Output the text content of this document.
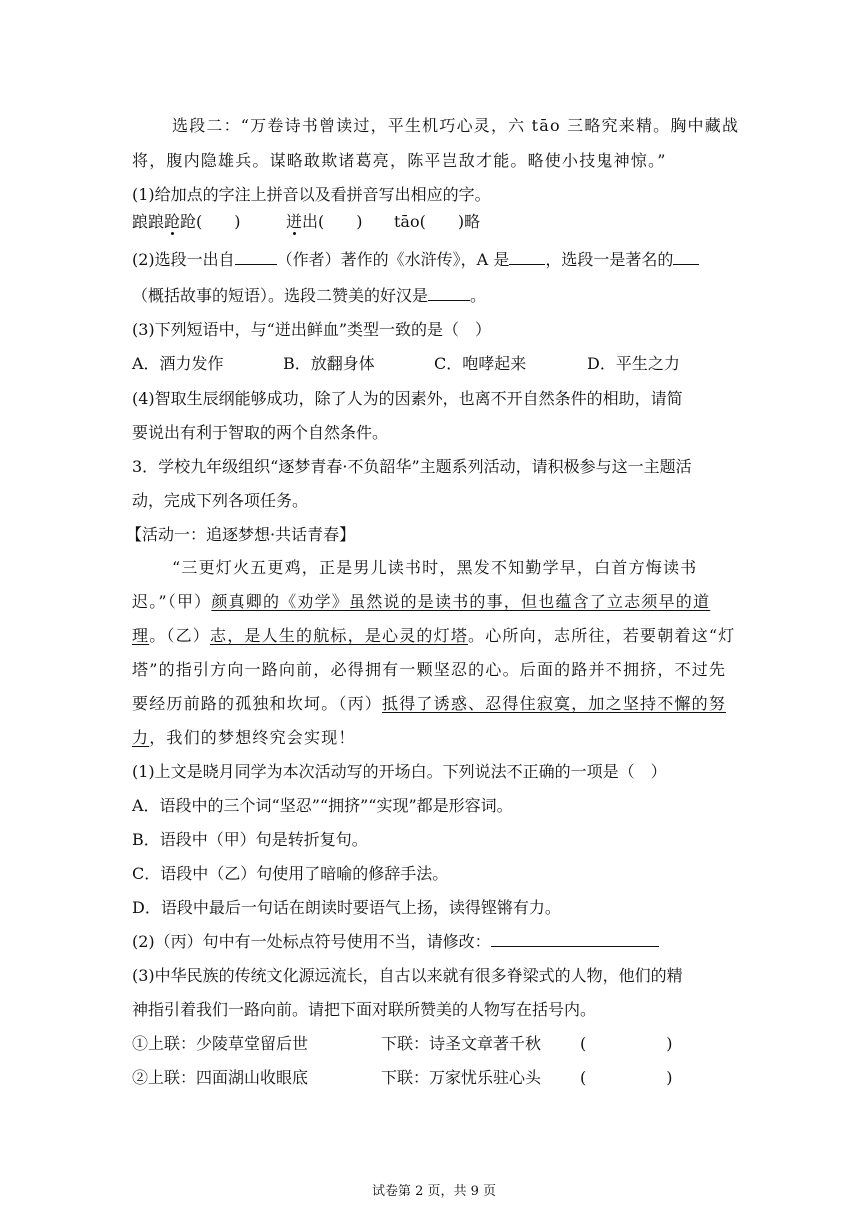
选段二：“万卷诗书曾读过，平生机巧心灵，六 tāo 三略究来精。胸中藏战
将，腹内隐雄兵。谋略敢欺诸葛亮，陈平岂敌才能。略使小技鬼神惊。”
(1)给加点的字注上拼音以及看拼音写出相应的字。
踉踉跄跄(　　)	迸出(　　) tāo(　　)略
(2)选段一出自	（作者）著作的《水浒传》，A 是 ，选段一是著名的
（概括故事的短语）。选段二赞美的好汉是	。
(3)下列短语中，与“迸出鲜血”类型一致的是（　）
A．酒力发作	B．放翻身体	C．咆哮起来	D．平生之力
(4)智取生辰纲能够成功，除了人为的因素外，也离不开自然条件的相助，请简
要说出有利于智取的两个自然条件。
3．学校九年级组织“逐梦青春·不负韶华”主题系列活动，请积极参与这一主题活
动，完成下列各项任务。
【活动一：追逐梦想·共话青春】
“三更灯火五更鸡，正是男儿读书时，黑发不知勤学早，白首方悔读书
迟。”（甲）颜真卿的《劝学》虽然说的是读书的事，但也蕴含了立志须早的道
理。（乙）志，是人生的航标，是心灵的灯塔。心所向，志所往，若要朝着这“灯
塔”的指引方向一路向前，必得拥有一颗坚忍的心。后面的路并不拥挤，不过先
要经历前路的孤独和坎坷。（丙）抵得了诱惑、忍得住寂寞，加之坚持不懈的努
力，我们的梦想终究会实现！
(1)上文是晓月同学为本次活动写的开场白。下列说法不正确的一项是（　）
A．语段中的三个词“坚忍”“拥挤”“实现”都是形容词。
B．语段中（甲）句是转折复句。
C．语段中（乙）句使用了暗喻的修辞手法。
D．语段中最后一句话在朗读时要语气上扬，读得铿锵有力。
(2)（丙）句中有一处标点符号使用不当，请修改：
(3)中华民族的传统文化源远流长，自古以来就有很多脊梁式的人物，他们的精
神指引着我们一路向前。请把下面对联所赞美的人物写在括号内。
①上联：少陵草堂留后世	下联：诗圣文章著千秋 (　　　　　)
②上联：四面湖山收眼底	下联：万家忧乐驻心头 (　　　　　)
试卷第 2 页，共 9 页
